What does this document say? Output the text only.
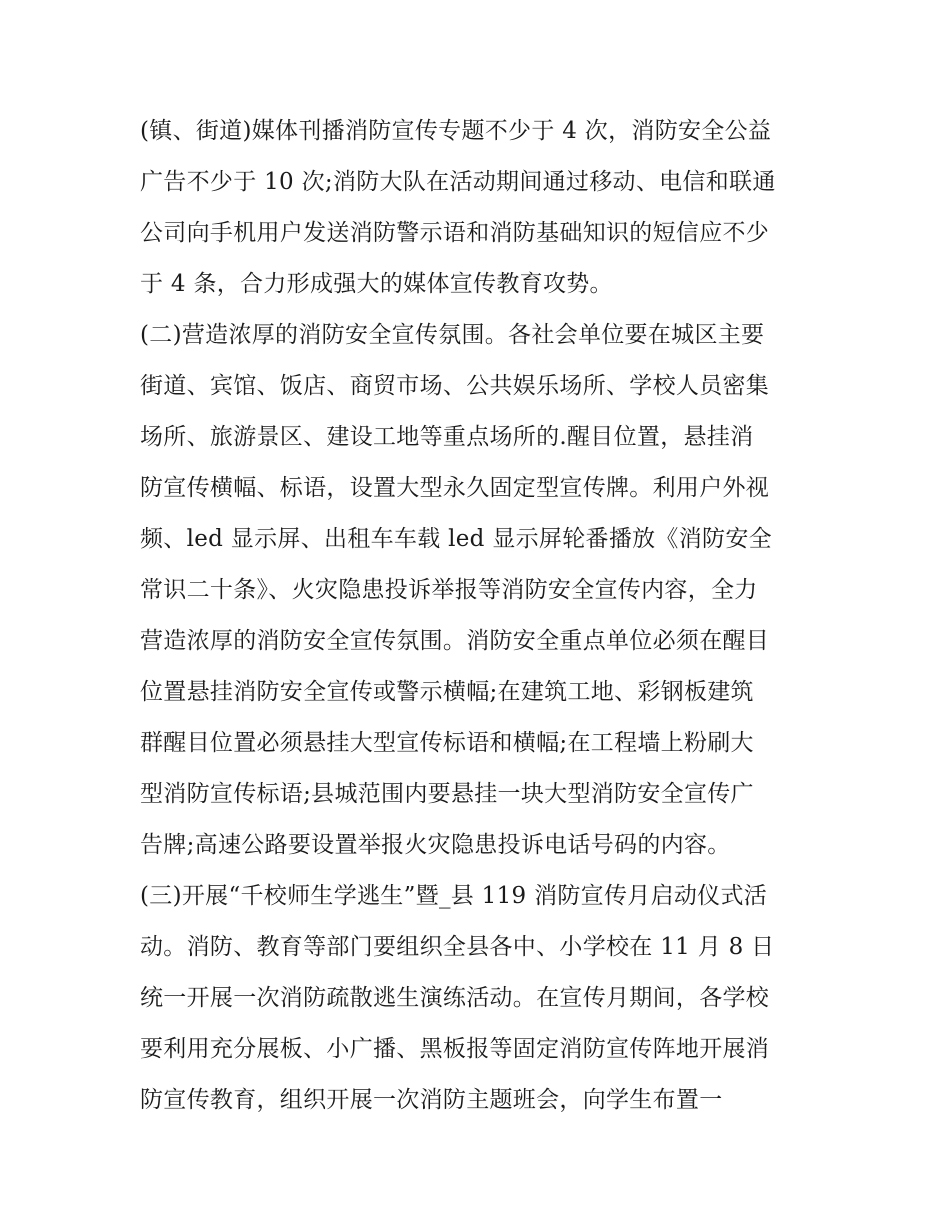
(镇、街道)媒体刊播消防宣传专题不少于 4 次，消防安全公益
广告不少于 10 次;消防大队在活动期间通过移动、电信和联通
公司向手机用户发送消防警示语和消防基础知识的短信应不少
于 4 条，合力形成强大的媒体宣传教育攻势。
(二)营造浓厚的消防安全宣传氛围。各社会单位要在城区主要
街道、宾馆、饭店、商贸市场、公共娱乐场所、学校人员密集
场所、旅游景区、建设工地等重点场所的.醒目位置，悬挂消
防宣传横幅、标语，设置大型永久固定型宣传牌。利用户外视
频、led 显示屏、出租车车载 led 显示屏轮番播放《消防安全
常识二十条》、火灾隐患投诉举报等消防安全宣传内容，全力
营造浓厚的消防安全宣传氛围。消防安全重点单位必须在醒目
位置悬挂消防安全宣传或警示横幅;在建筑工地、彩钢板建筑
群醒目位置必须悬挂大型宣传标语和横幅;在工程墙上粉刷大
型消防宣传标语;县城范围内要悬挂一块大型消防安全宣传广
告牌;高速公路要设置举报火灾隐患投诉电话号码的内容。
(三)开展“千校师生学逃生”暨_县 119 消防宣传月启动仪式活
动。消防、教育等部门要组织全县各中、小学校在 11 月 8 日
统一开展一次消防疏散逃生演练活动。在宣传月期间，各学校
要利用充分展板、小广播、黑板报等固定消防宣传阵地开展消
防宣传教育，组织开展一次消防主题班会，向学生布置一
